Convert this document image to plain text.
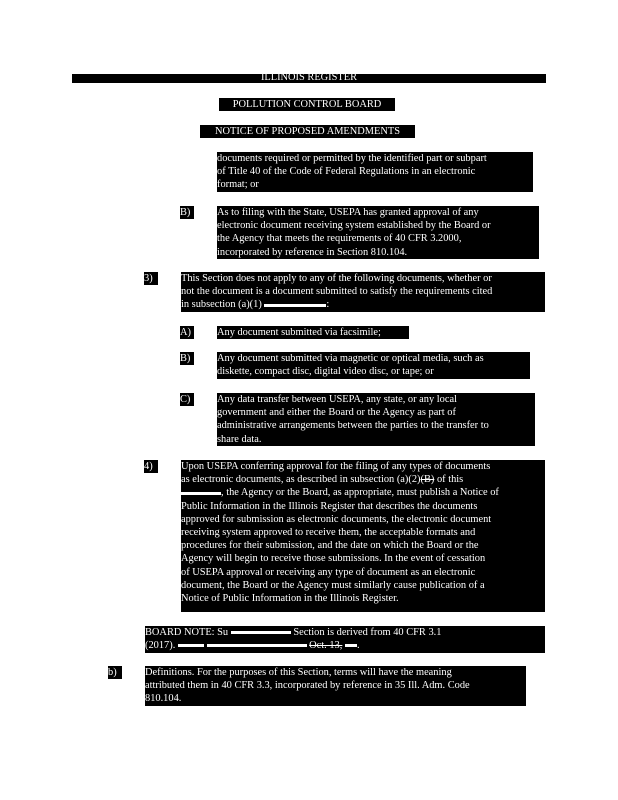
ILLINOIS REGISTER
POLLUTION CONTROL BOARD
NOTICE OF PROPOSED AMENDMENTS
documents required or permitted by the identified part or subpart
of Title 40 of the Code of Federal Regulations in an electronic
format; or
B)	As to filing with the State, USEPA has granted approval of any
electronic document receiving system established by the Board or
the Agency that meets the requirements of 40 CFR 3.2000,
incorporated by reference in Section 810.104.
3)	This Section does not apply to any of the following documents, whether or
not the document is a document submitted to satisfy the requirements cited
in subsection (a)(1)	:
A)	Any document submitted via facsimile;
B)	Any document submitted via magnetic or optical media, such as
diskette, compact disc, digital video disc, or tape; or
C)	Any data transfer between USEPA, any state, or any local
government and either the Board or the Agency as part of
administrative arrangements between the parties to the transfer to
share data.
4)	Upon USEPA conferring approval for the filing of any types of documents
as electronic documents, as described in subsection (a)(2)(B) of this
, the Agency or the Board, as appropriate, must publish a Notice of
Public Information in the Illinois Register that describes the documents
approved for submission as electronic documents, the electronic document
receiving system approved to receive them, the acceptable formats and
procedures for their submission, and the date on which the Board or the
Agency will begin to receive those submissions. In the event of cessation
of USEPA approval or receiving any type of document as an electronic
document, the Board or the Agency must similarly cause publication of a
Notice of Public Information in the Illinois Register.
BOARD NOTE: Su	Section is derived from 40 CFR 3.1
(2017).	Oct. 13, .
b)	Definitions. For the purposes of this Section, terms will have the meaning
attributed them in 40 CFR 3.3, incorporated by reference in 35 Ill. Adm. Code
810.104.
